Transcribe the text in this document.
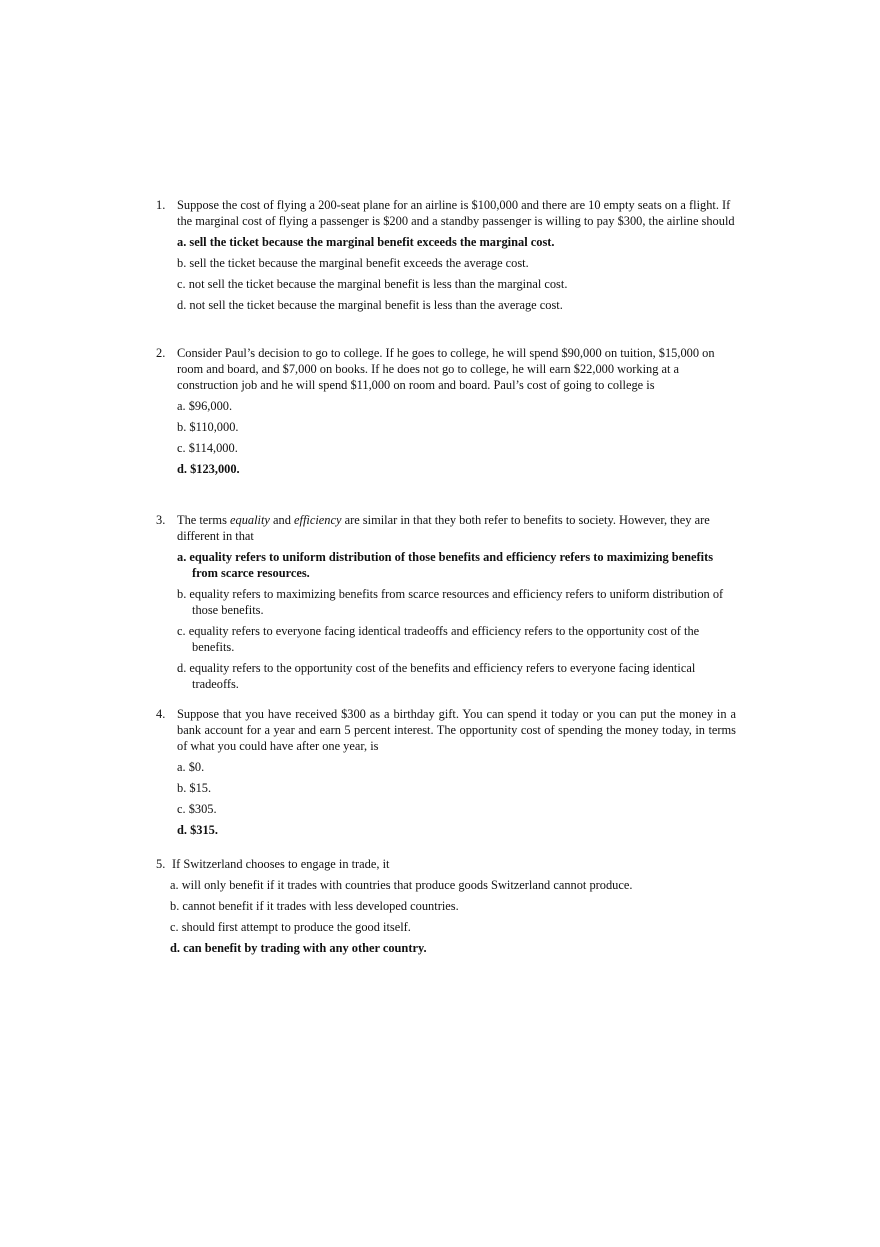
1. Suppose the cost of flying a 200-seat plane for an airline is $100,000 and there are 10 empty seats on a flight. If the marginal cost of flying a passenger is $200 and a standby passenger is willing to pay $300, the airline should

a. sell the ticket because the marginal benefit exceeds the marginal cost.
b. sell the ticket because the marginal benefit exceeds the average cost.
c. not sell the ticket because the marginal benefit is less than the marginal cost.
d. not sell the ticket because the marginal benefit is less than the average cost.

2. Consider Paul’s decision to go to college. If he goes to college, he will spend $90,000 on tuition, $15,000 on room and board, and $7,000 on books. If he does not go to college, he will earn $22,000 working at a construction job and he will spend $11,000 on room and board. Paul’s cost of going to college is

a. $96,000.
b. $110,000.
c. $114,000.
d. $123,000.

3. The terms equality and efficiency are similar in that they both refer to benefits to society. However, they are different in that

a. equality refers to uniform distribution of those benefits and efficiency refers to maximizing benefits from scarce resources.
b. equality refers to maximizing benefits from scarce resources and efficiency refers to uniform distribution of those benefits.
c. equality refers to everyone facing identical tradeoffs and efficiency refers to the opportunity cost of the benefits.
d. equality refers to the opportunity cost of the benefits and efficiency refers to everyone facing identical tradeoffs.

4. Suppose that you have received $300 as a birthday gift. You can spend it today or you can put the money in a bank account for a year and earn 5 percent interest. The opportunity cost of spending the money today, in terms of what you could have after one year, is

a. $0.
b. $15.
c. $305.
d. $315.

5. If Switzerland chooses to engage in trade, it

a. will only benefit if it trades with countries that produce goods Switzerland cannot produce.
b. cannot benefit if it trades with less developed countries.
c. should first attempt to produce the good itself.
d. can benefit by trading with any other country.
